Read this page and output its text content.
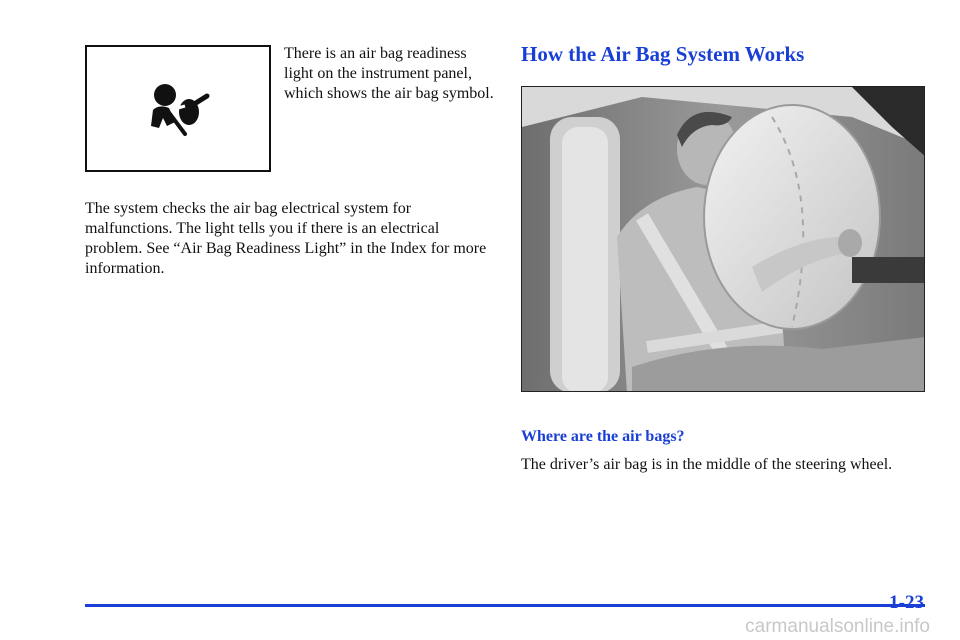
There is an air bag readiness light on the instrument panel, which shows the air bag symbol.

The system checks the air bag electrical system for malfunctions. The light tells you if there is an electrical problem. See “Air Bag Readiness Light” in the Index for more information.

How the Air Bag System Works

Where are the air bags?

The driver’s air bag is in the middle of the steering wheel.

1-23

carmanualsonline.info
